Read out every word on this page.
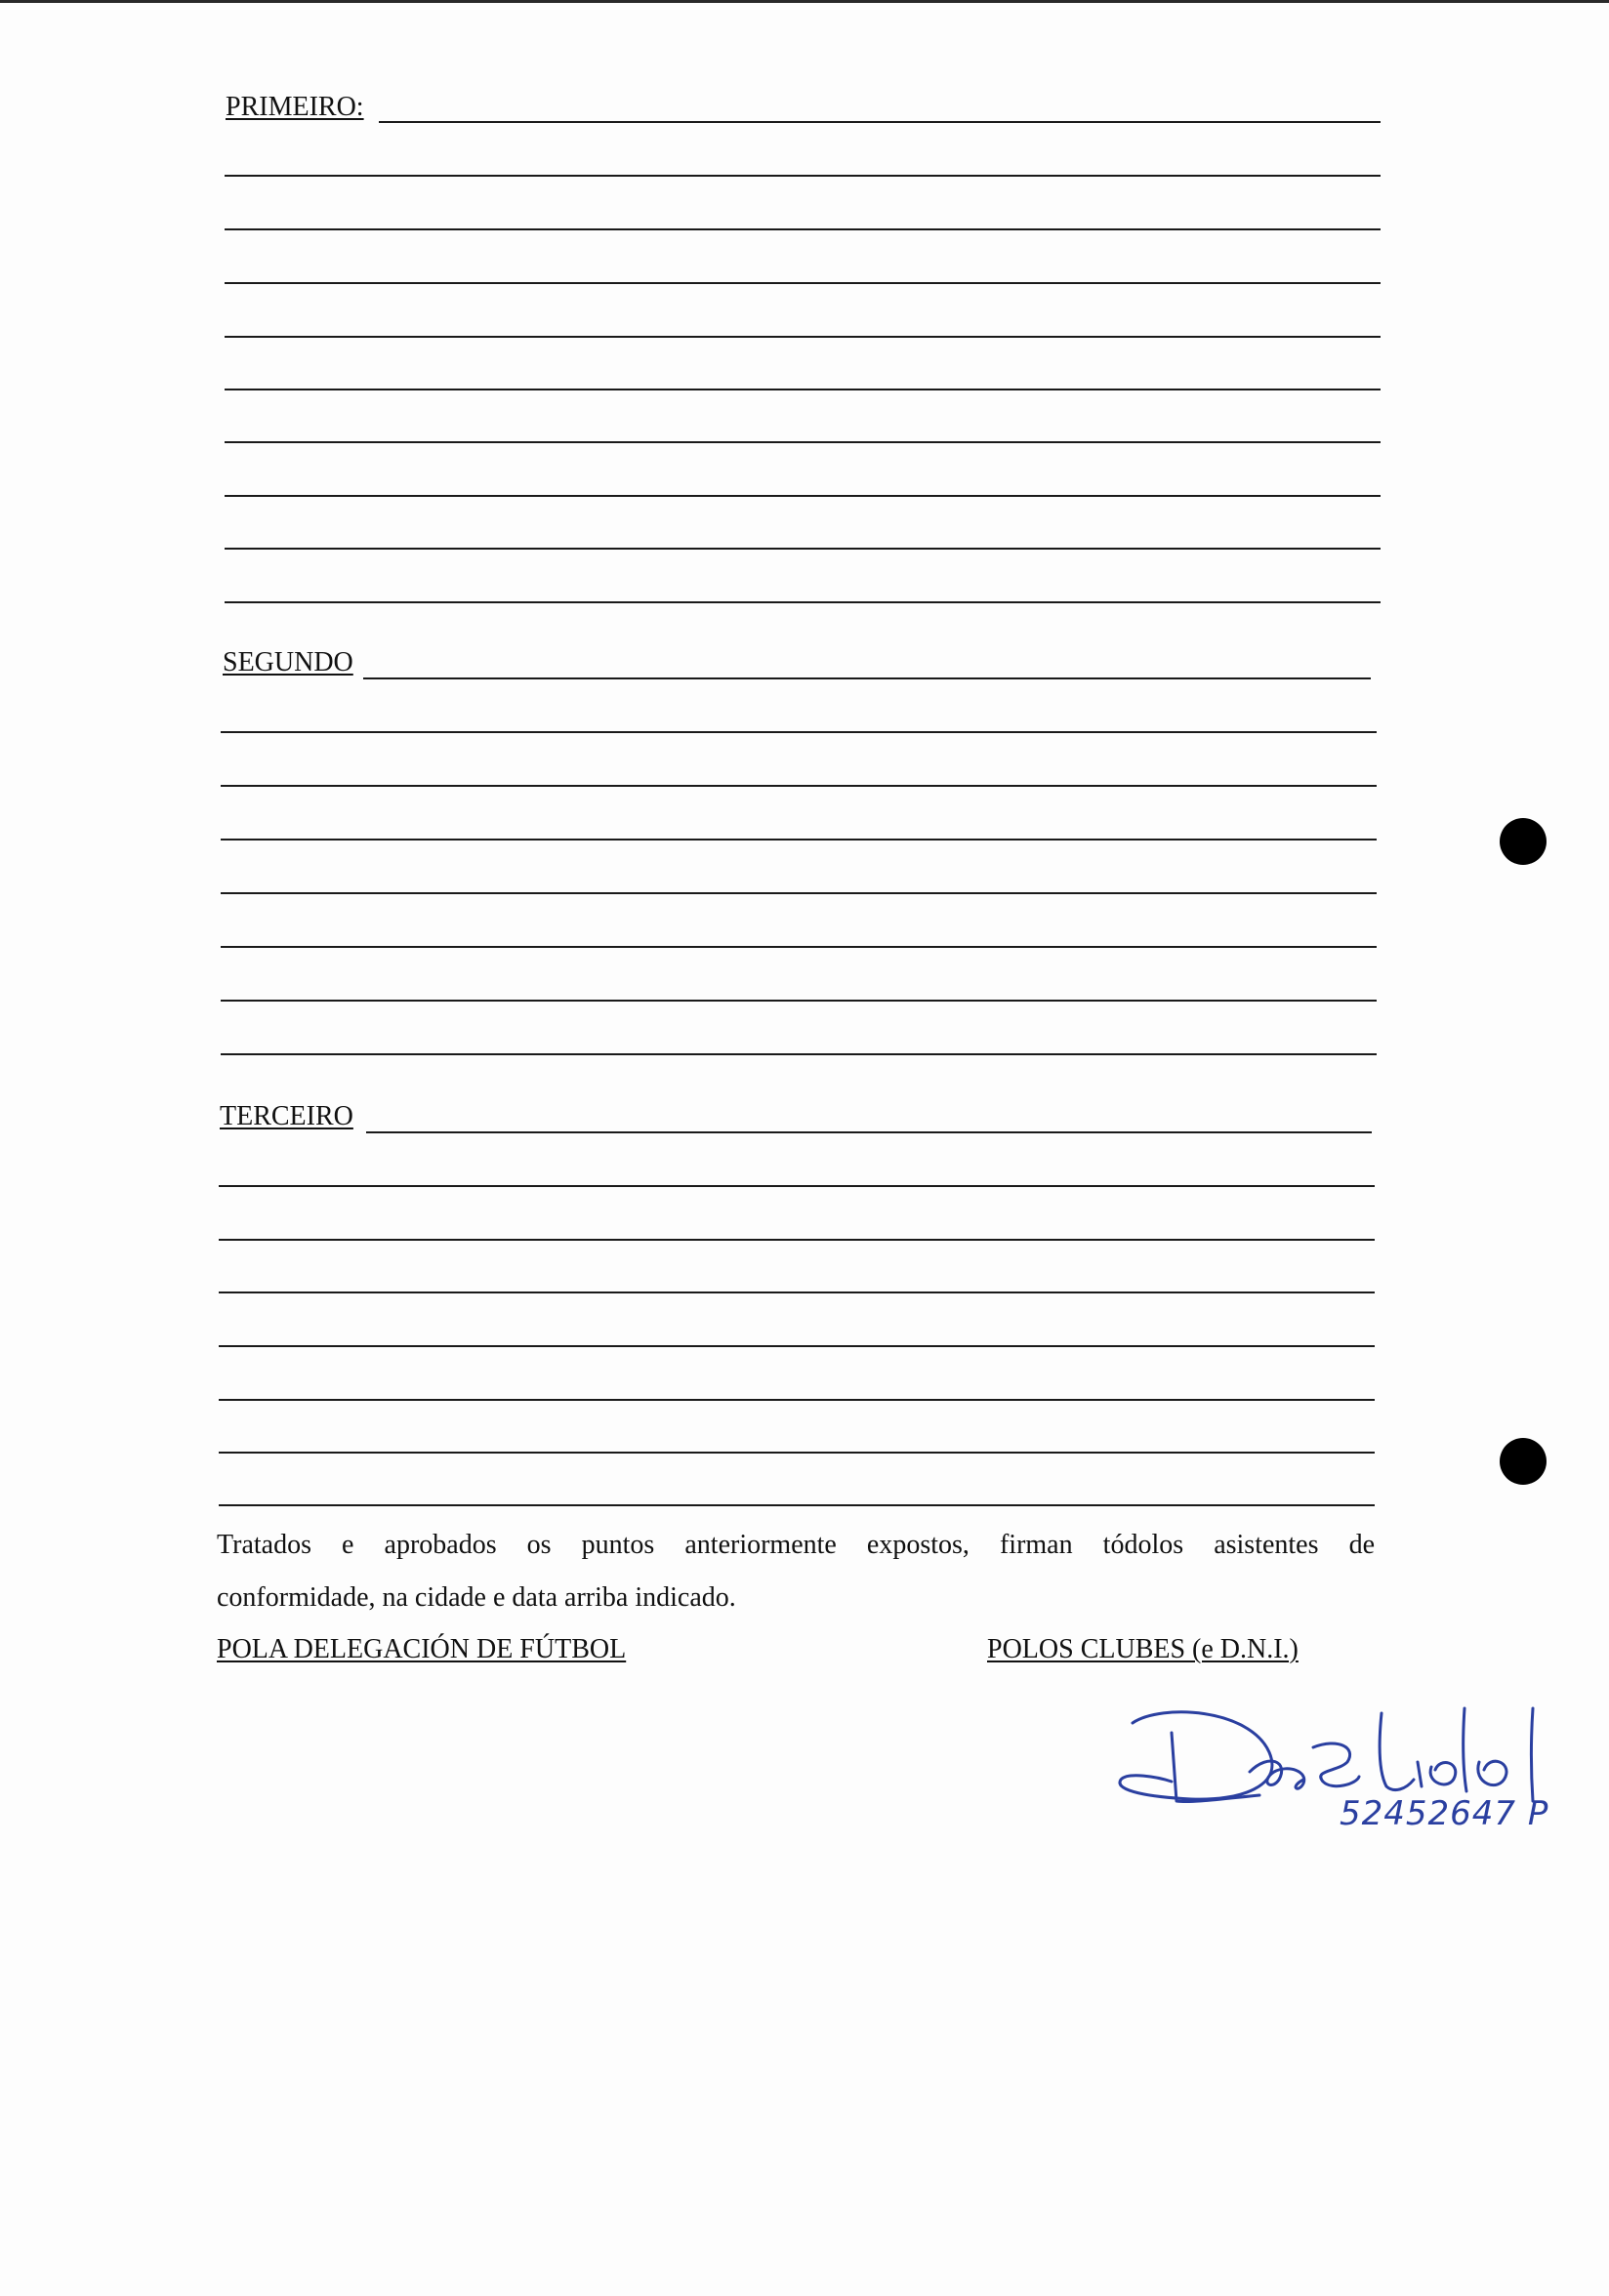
PRIMEIRO:
SEGUNDO
TERCEIRO
Tratados e aprobados os puntos anteriormente expostos, firman tódolos asistentes de
conformidade, na cidade e data arriba indicado.
POLA DELEGACIÓN DE FÚTBOL	POLOS CLUBES (e D.N.I.)
52452647 P
